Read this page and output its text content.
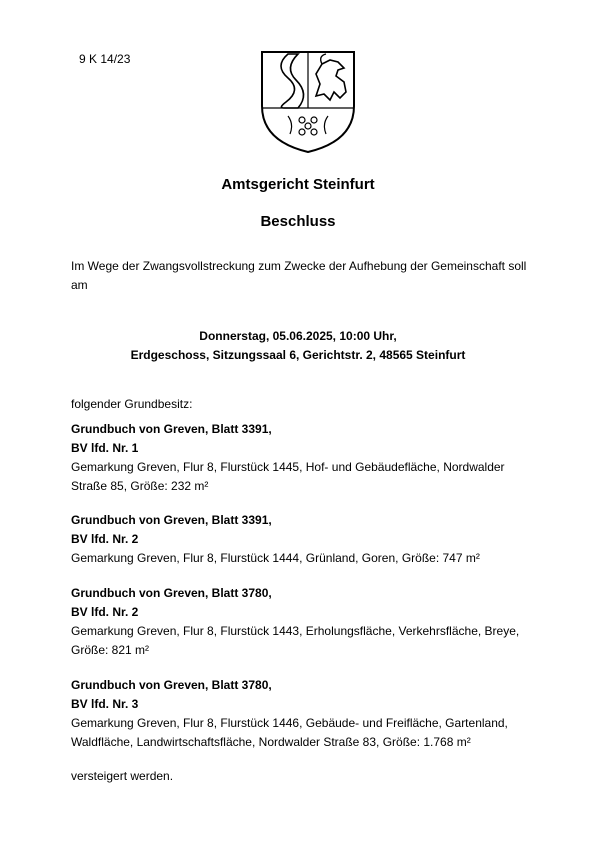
9 K 14/23
Amtsgericht Steinfurt
Beschluss
Im Wege der Zwangsvollstreckung zum Zwecke der Aufhebung der Gemeinschaft soll am
Donnerstag, 05.06.2025, 10:00 Uhr,
Erdgeschoss, Sitzungssaal 6, Gerichtstr. 2, 48565 Steinfurt
folgender Grundbesitz:
Grundbuch von Greven, Blatt 3391,
BV lfd. Nr. 1
Gemarkung Greven, Flur 8, Flurstück 1445, Hof- und Gebäudefläche, Nordwalder Straße 85, Größe: 232 m²
Grundbuch von Greven, Blatt 3391,
BV lfd. Nr. 2
Gemarkung Greven, Flur 8, Flurstück 1444, Grünland, Goren, Größe: 747 m²
Grundbuch von Greven, Blatt 3780,
BV lfd. Nr. 2
Gemarkung Greven, Flur 8, Flurstück 1443, Erholungsfläche, Verkehrsfläche, Breye, Größe: 821 m²
Grundbuch von Greven, Blatt 3780,
BV lfd. Nr. 3
Gemarkung Greven, Flur 8, Flurstück 1446, Gebäude- und Freifläche, Gartenland, Waldfläche, Landwirtschaftsfläche, Nordwalder Straße 83, Größe: 1.768 m²
versteigert werden.
